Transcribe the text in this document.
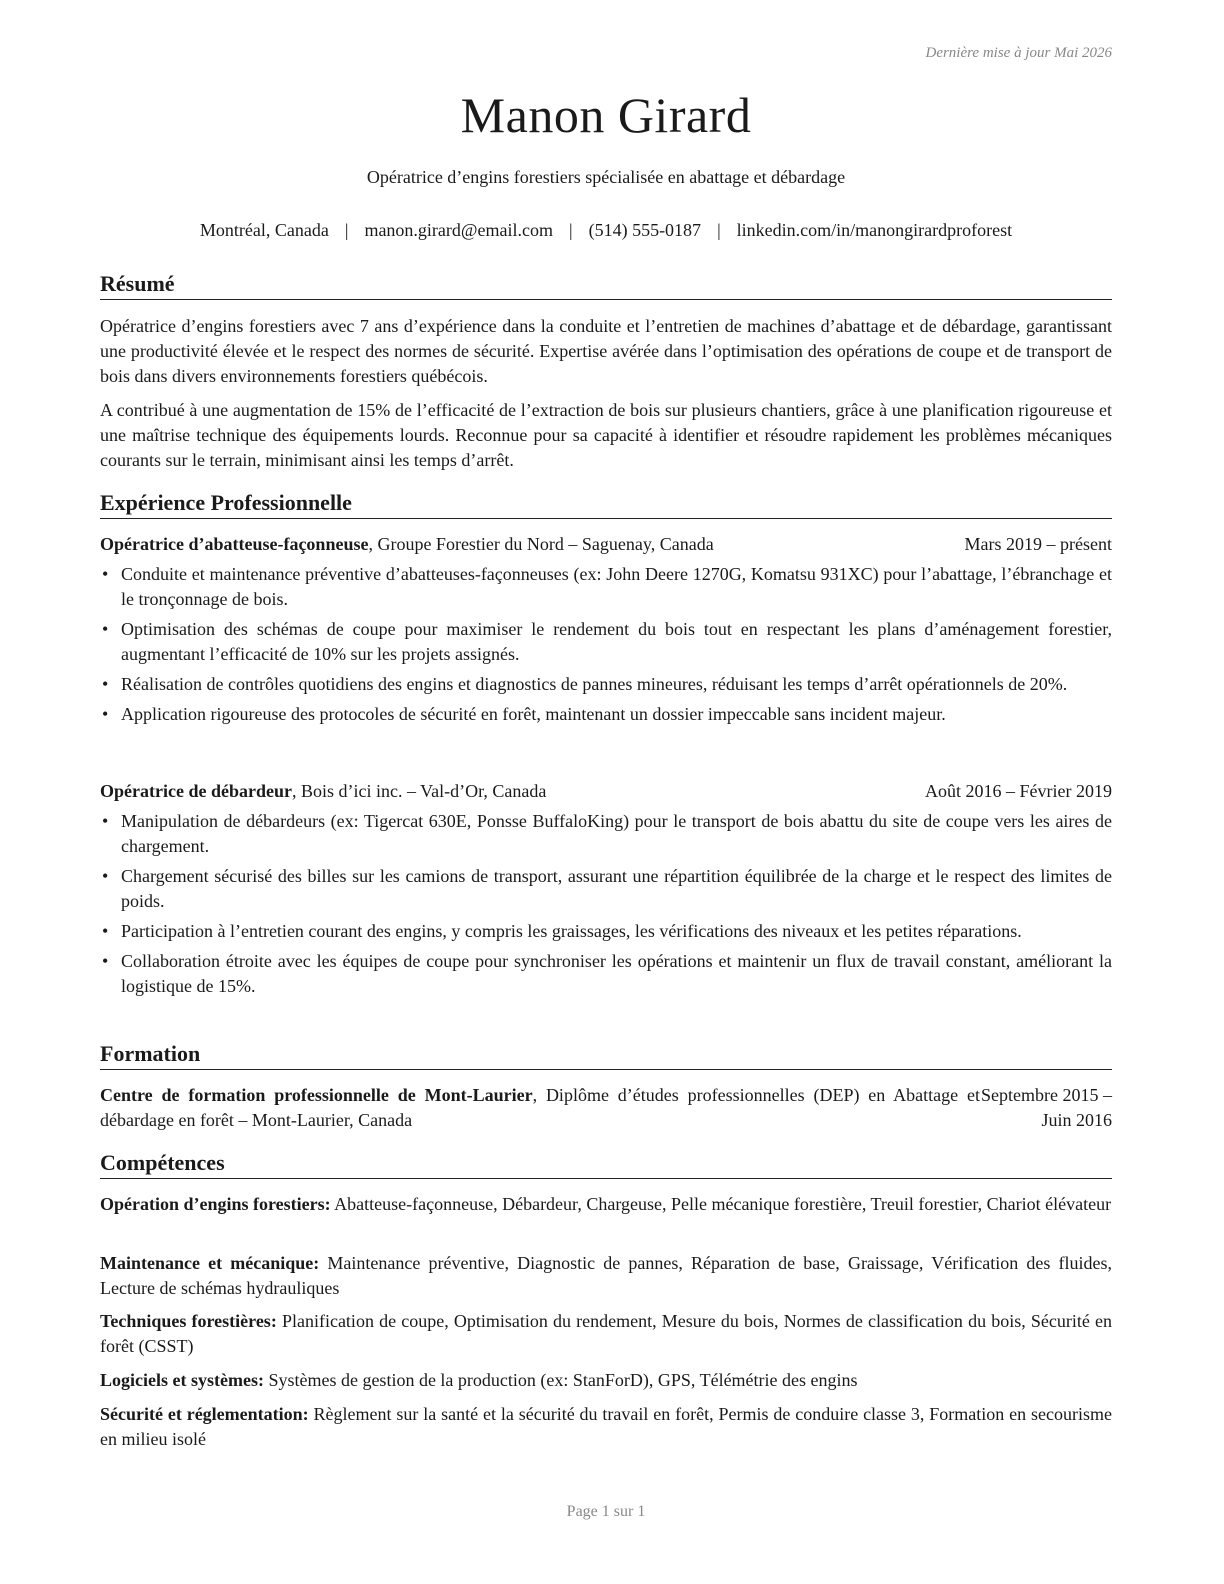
Dernière mise à jour Mai 2026
Manon Girard
Opératrice d’engins forestiers spécialisée en abattage et débardage
Montréal, Canada | manon.girard@email.com | (514) 555-0187 | linkedin.com/in/manongirardproforest
Résumé
Opératrice d’engins forestiers avec 7 ans d’expérience dans la conduite et l’entretien de machines d’abattage et de débardage, garantissant une productivité élevée et le respect des normes de sécurité. Expertise avérée dans l’optimisation des opérations de coupe et de transport de bois dans divers environnements forestiers québécois.
A contribué à une augmentation de 15% de l’efficacité de l’extraction de bois sur plusieurs chantiers, grâce à une planification rigoureuse et une maîtrise technique des équipements lourds. Reconnue pour sa capacité à identifier et résoudre rapidement les problèmes mécaniques courants sur le terrain, minimisant ainsi les temps d’arrêt.
Expérience Professionnelle
Opératrice d’abatteuse-façonneuse, Groupe Forestier du Nord – Saguenay, Canada	Mars 2019 – présent
• Conduite et maintenance préventive d’abatteuses-façonneuses (ex: John Deere 1270G, Komatsu 931XC) pour l’abattage, l’ébranchage et le tronçonnage de bois.
• Optimisation des schémas de coupe pour maximiser le rendement du bois tout en respectant les plans d’aménagement forestier, augmentant l’efficacité de 10% sur les projets assignés.
• Réalisation de contrôles quotidiens des engins et diagnostics de pannes mineures, réduisant les temps d’arrêt opérationnels de 20%.
• Application rigoureuse des protocoles de sécurité en forêt, maintenant un dossier impeccable sans incident majeur.
Opératrice de débardeur, Bois d’ici inc. – Val-d’Or, Canada	Août 2016 – Février 2019
• Manipulation de débardeurs (ex: Tigercat 630E, Ponsse BuffaloKing) pour le transport de bois abattu du site de coupe vers les aires de chargement.
• Chargement sécurisé des billes sur les camions de transport, assurant une répartition équilibrée de la charge et le respect des limites de poids.
• Participation à l’entretien courant des engins, y compris les graissages, les vérifications des niveaux et les petites réparations.
• Collaboration étroite avec les équipes de coupe pour synchroniser les opérations et maintenir un flux de travail constant, améliorant la logistique de 15%.
Formation
Centre de formation professionnelle de Mont-Laurier, Diplôme d’études professionnelles (DEP) en Abattage et débardage en forêt – Mont-Laurier, Canada
Septembre 2015 – Juin 2016
Compétences
Opération d’engins forestiers: Abatteuse-façonneuse, Débardeur, Chargeuse, Pelle mécanique forestière, Treuil forestier, Chariot élévateur
Maintenance et mécanique: Maintenance préventive, Diagnostic de pannes, Réparation de base, Graissage, Vérification des fluides, Lecture de schémas hydrauliques
Techniques forestières: Planification de coupe, Optimisation du rendement, Mesure du bois, Normes de classification du bois, Sécurité en forêt (CSST)
Logiciels et systèmes: Systèmes de gestion de la production (ex: StanForD), GPS, Télémétrie des engins
Sécurité et réglementation: Règlement sur la santé et la sécurité du travail en forêt, Permis de conduire classe 3, Formation en secourisme en milieu isolé
Page 1 sur 1
